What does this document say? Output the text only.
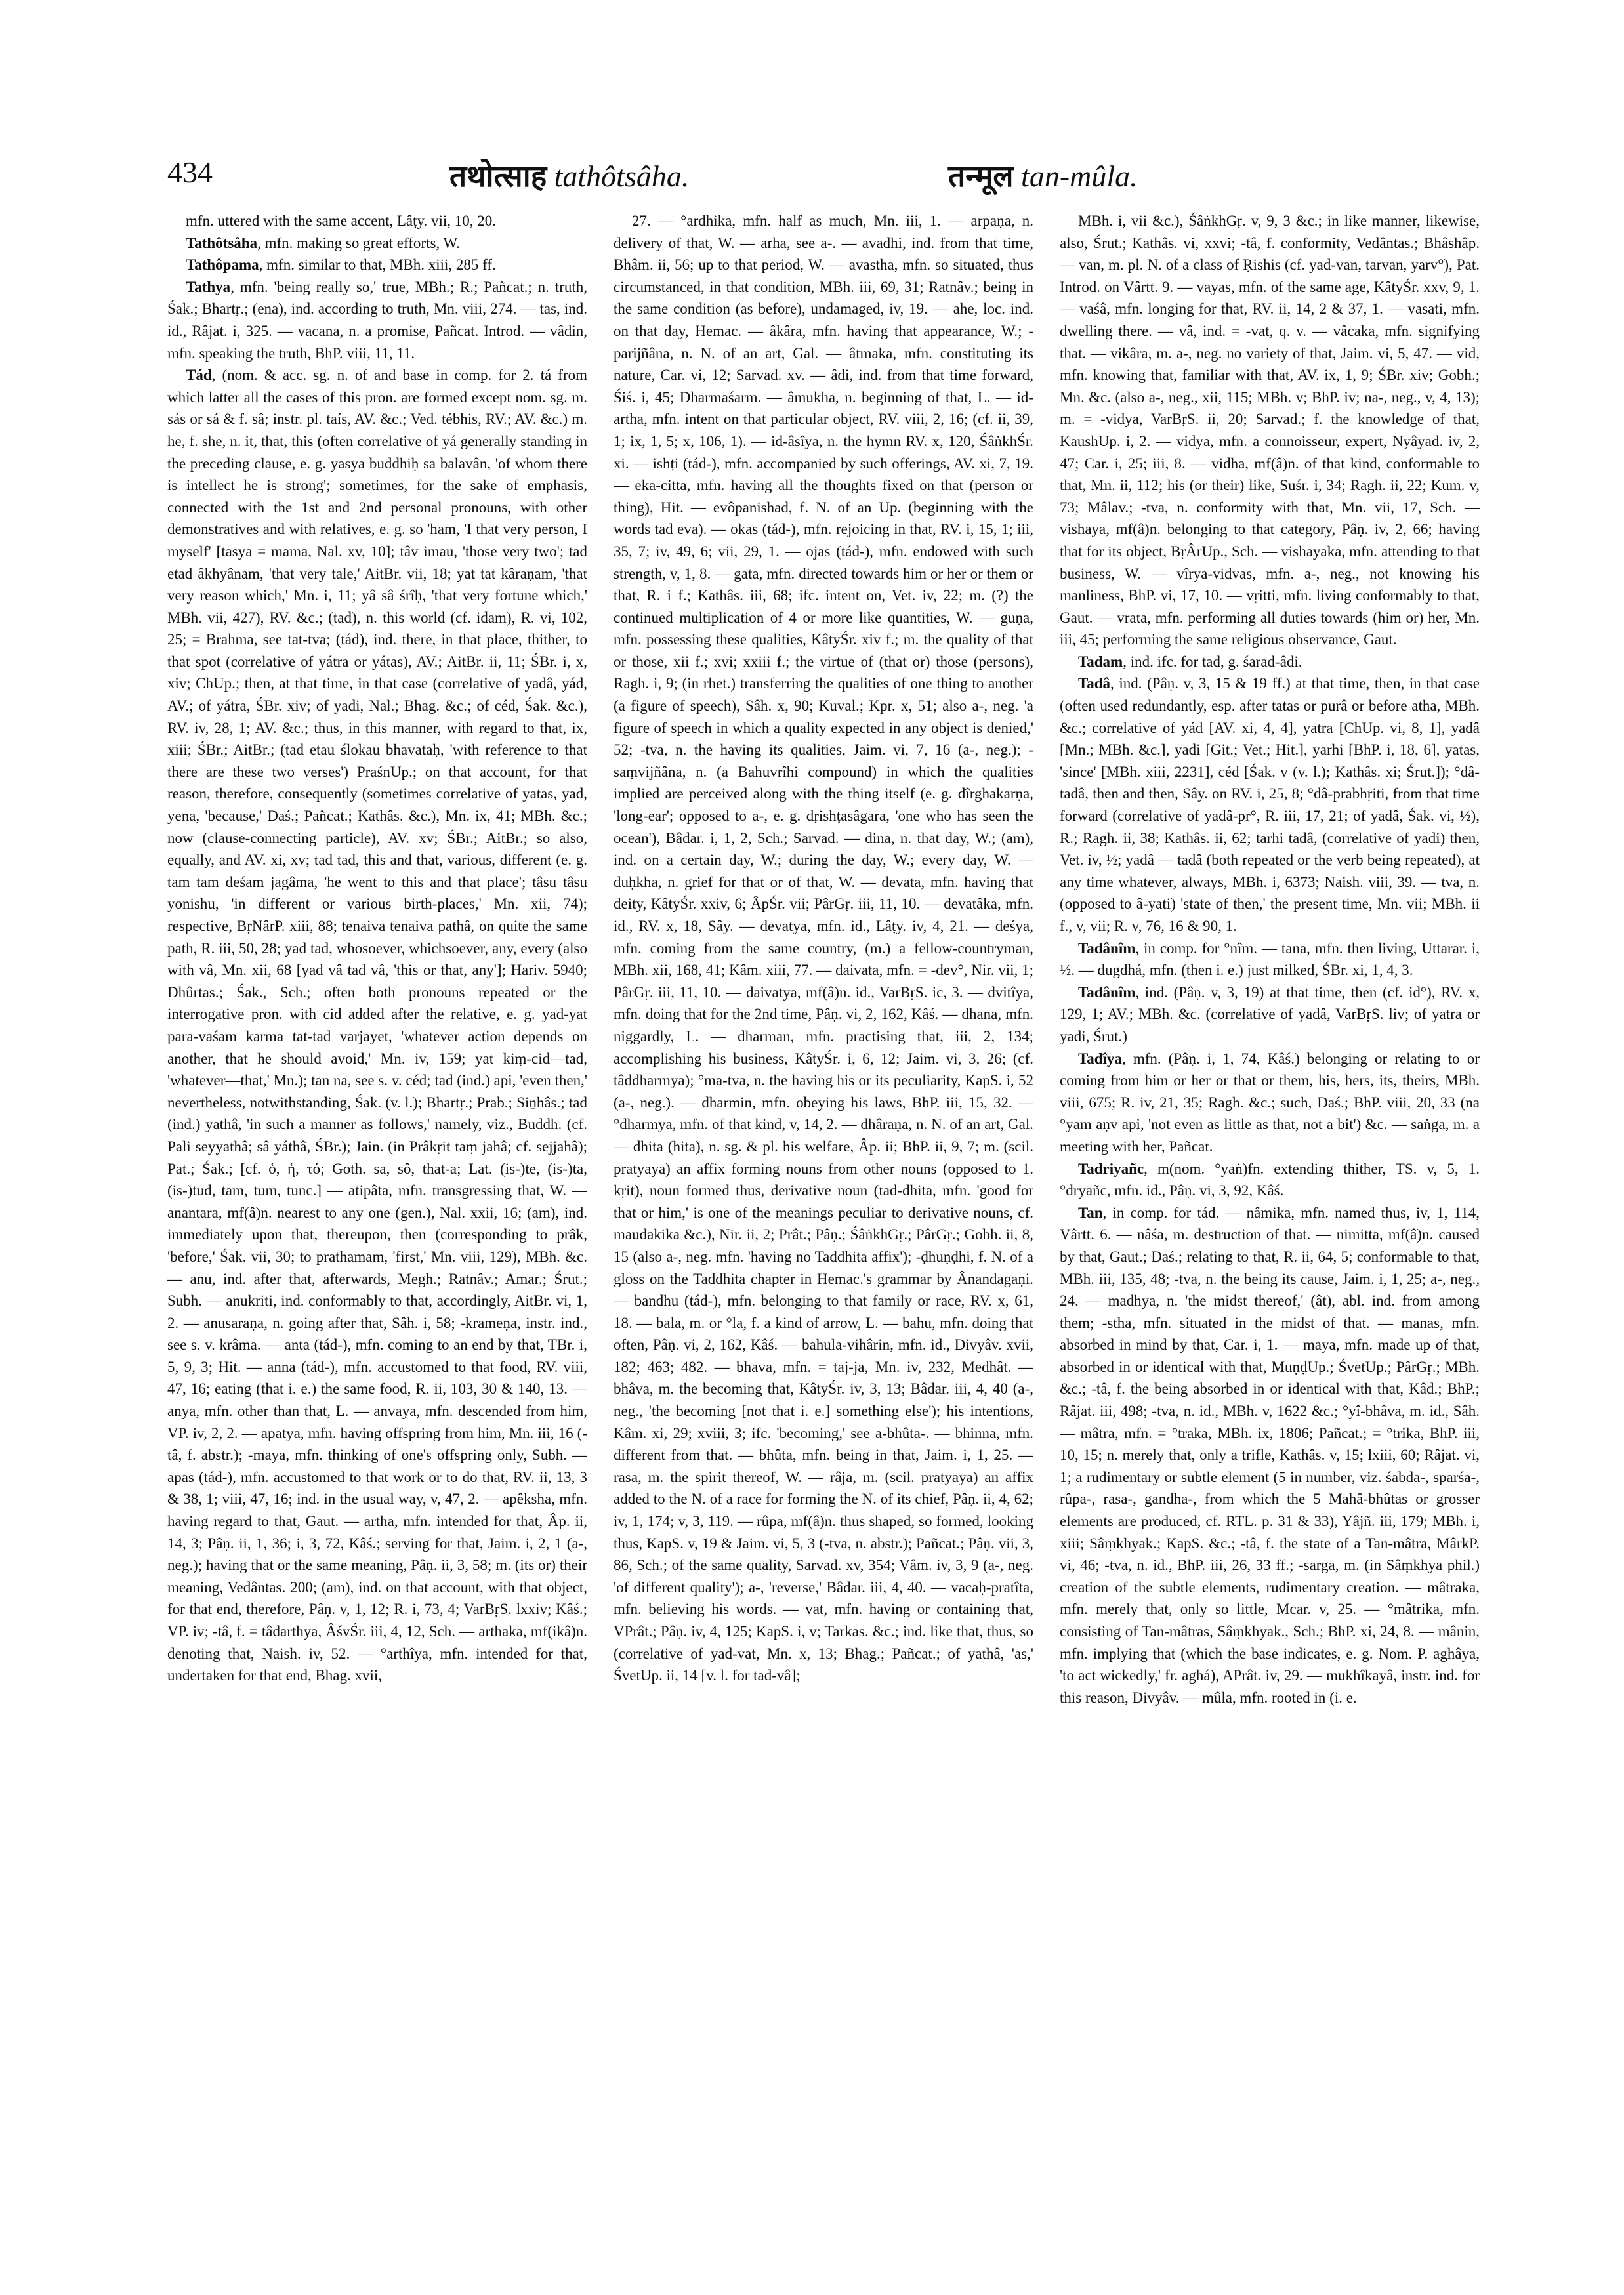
434	तथोत्साह tathôtsâha.	तन्मूल tan-mûla.

mfn. uttered with the same accent, Lâṭy. vii, 10, 20.

Tathôtsâha, mfn. making so great efforts, W.

Tathôpama, mfn. similar to that, MBh. xiii, 285 ff.

Tathya, mfn. 'being really so,' true, MBh.; R.; Pañcat.; n. truth, Śak.; Bhartṛ.; (ena), ind. according to truth, Mn. viii, 274. — tas, ind. id., Râjat. i, 325. — vacana, n. a promise, Pañcat. Introd. — vâdin, mfn. speaking the truth, BhP. viii, 11, 11.

Tád, (nom. & acc. sg. n. of and base in comp. for 2. tá from which latter all the cases of this pron. are formed except nom. sg. m. sás or sá & f. sâ; instr. pl. taís, AV. &c.; Ved. tébhis, RV.; AV. &c.) m. he, f. she, n. it, that, this (often correlative of yá generally standing in the preceding clause, e. g. yasya buddhiḥ sa balavân, 'of whom there is intellect he is strong'; sometimes, for the sake of emphasis, connected with the 1st and 2nd personal pronouns, with other demonstratives and with relatives, e. g. so 'ham, 'I that very person, I myself' [tasya = mama, Nal. xv, 10]; tâv imau, 'those very two'; tad etad âkhyânam, 'that very tale,' AitBr. vii, 18; yat tat kâraṇam, 'that very reason which,' Mn. i, 11; yâ sâ śrîḥ, 'that very fortune which,' MBh. vii, 427), RV. &c.; (tad), n. this world (cf. idam), R. vi, 102, 25; = Brahma, see tat-tva; (tád), ind. there, in that place, thither, to that spot (correlative of yátra or yátas), AV.; AitBr. ii, 11; ŚBr. i, x, xiv; ChUp.; then, at that time, in that case (correlative of yadâ, yád, AV.; of yátra, ŚBr. xiv; of yadi, Nal.; Bhag. &c.; of céd, Śak. &c.), RV. iv, 28, 1; AV. &c.; thus, in this manner, with regard to that, ix, xiii; ŚBr.; AitBr.; (tad etau ślokau bhavataḥ, 'with reference to that there are these two verses') PraśnUp.; on that account, for that reason, therefore, consequently (sometimes correlative of yatas, yad, yena, 'because,' Daś.; Pañcat.; Kathâs. &c.), Mn. ix, 41; MBh. &c.; now (clause-connecting particle), AV. xv; ŚBr.; AitBr.; so also, equally, and AV. xi, xv; tad tad, this and that, various, different (e. g. tam tam deśam jagâma, 'he went to this and that place'; tâsu tâsu yonishu, 'in different or various birth-places,' Mn. xii, 74); respective, BṛNârP. xiii, 88; tenaiva tenaiva pathâ, on quite the same path, R. iii, 50, 28; yad tad, whosoever, whichsoever, any, every (also with vâ, Mn. xii, 68 [yad vâ tad vâ, 'this or that, any']; Hariv. 5940; Dhûrtas.; Śak., Sch.; often both pronouns repeated or the interrogative pron. with cid added after the relative, e. g. yad-yat para-vaśam karma tat-tad varjayet, 'whatever action depends on another, that he should avoid,' Mn. iv, 159; yat kiṃ-cid—tad, 'whatever—that,' Mn.); tan na, see s. v. céd; tad (ind.) api, 'even then,' nevertheless, notwithstanding, Śak. (v. l.); Bhartṛ.; Prab.; Siṉhâs.; tad (ind.) yathâ, 'in such a manner as follows,' namely, viz., Buddh. (cf. Pali seyyathâ; sâ yáthâ, ŚBr.); Jain. (in Prâkṛit taṃ jahâ; cf. sejjahâ); Pat.; Śak.; [cf. ὁ, ἡ, τό; Goth. sa, sô, that-a; Lat. (is-)te, (is-)ta, (is-)tud, tam, tum, tunc.] — atipâta, mfn. transgressing that, W. — anantara, mf(â)n. nearest to any one (gen.), Nal. xxii, 16; (am), ind. immediately upon that, thereupon, then (corresponding to prâk, 'before,' Śak. vii, 30; to prathamam, 'first,' Mn. viii, 129), MBh. &c. — anu, ind. after that, afterwards, Megh.; Ratnâv.; Amar.; Śrut.; Subh. — anukriti, ind. conformably to that, accordingly, AitBr. vi, 1, 2. — anusaraṇa, n. going after that, Sâh. i, 58; -krameṇa, instr. ind., see s. v. krâma. — anta (tád-), mfn. coming to an end by that, TBr. i, 5, 9, 3; Hit. — anna (tád-), mfn. accustomed to that food, RV. viii, 47, 16; eating (that i. e.) the same food, R. ii, 103, 30 & 140, 13. — anya, mfn. other than that, L. — anvaya, mfn. descended from him, VP. iv, 2, 2. — apatya, mfn. having offspring from him, Mn. iii, 16 (-tâ, f. abstr.); -maya, mfn. thinking of one's offspring only, Subh. — apas (tád-), mfn. accustomed to that work or to do that, RV. ii, 13, 3 & 38, 1; viii, 47, 16; ind. in the usual way, v, 47, 2. — apêksha, mfn. having regard to that, Gaut. — artha, mfn. intended for that, Âp. ii, 14, 3; Pâṇ. ii, 1, 36; i, 3, 72, Kâś.; serving for that, Jaim. i, 2, 1 (a-, neg.); having that or the same meaning, Pâṇ. ii, 3, 58; m. (its or) their meaning, Vedântas. 200; (am), ind. on that account, with that object, for that end, therefore, Pâṇ. v, 1, 12; R. i, 73, 4; VarBṛS. lxxiv; Kâś.; VP. iv; -tâ, f. = tâdarthya, ÂśvŚr. iii, 4, 12, Sch. — arthaka, mf(ikâ)n. denoting that, Naish. iv, 52. — °arthîya, mfn. intended for that, undertaken for that end, Bhag. xvii,

27. — °ardhika, mfn. half as much, Mn. iii, 1. — arpaṇa, n. delivery of that, W. — arha, see a-. — avadhi, ind. from that time, Bhâm. ii, 56; up to that period, W. — avastha, mfn. so situated, thus circumstanced, in that condition, MBh. iii, 69, 31; Ratnâv.; being in the same condition (as before), undamaged, iv, 19. — ahe, loc. ind. on that day, Hemac. — âkâra, mfn. having that appearance, W.; -parijñâna, n. N. of an art, Gal. — âtmaka, mfn. constituting its nature, Car. vi, 12; Sarvad. xv. — âdi, ind. from that time forward, Śiś. i, 45; Dharmaśarm. — âmukha, n. beginning of that, L. — id-artha, mfn. intent on that particular object, RV. viii, 2, 16; (cf. ii, 39, 1; ix, 1, 5; x, 106, 1). — id-âsîya, n. the hymn RV. x, 120, ŚâṅkhŚr. xi. — ishṭi (tád-), mfn. accompanied by such offerings, AV. xi, 7, 19. — eka-citta, mfn. having all the thoughts fixed on that (person or thing), Hit. — evôpanishad, f. N. of an Up. (beginning with the words tad eva). — okas (tád-), mfn. rejoicing in that, RV. i, 15, 1; iii, 35, 7; iv, 49, 6; vii, 29, 1. — ojas (tád-), mfn. endowed with such strength, v, 1, 8. — gata, mfn. directed towards him or her or them or that, R. i f.; Kathâs. iii, 68; ifc. intent on, Vet. iv, 22; m. (?) the continued multiplication of 4 or more like quantities, W. — guṇa, mfn. possessing these qualities, KâtyŚr. xiv f.; m. the quality of that or those, xii f.; xvi; xxiii f.; the virtue of (that or) those (persons), Ragh. i, 9; (in rhet.) transferring the qualities of one thing to another (a figure of speech), Sâh. x, 90; Kuval.; Kpr. x, 51; also a-, neg. 'a figure of speech in which a quality expected in any object is denied,' 52; -tva, n. the having its qualities, Jaim. vi, 7, 16 (a-, neg.); -saṃvijñâna, n. (a Bahuvrîhi compound) in which the qualities implied are perceived along with the thing itself (e. g. dîrghakarṇa, 'long-ear'; opposed to a-, e. g. dṛishṭasâgara, 'one who has seen the ocean'), Bâdar. i, 1, 2, Sch.; Sarvad. — dina, n. that day, W.; (am), ind. on a certain day, W.; during the day, W.; every day, W. — duḥkha, n. grief for that or of that, W. — devata, mfn. having that deity, KâtyŚr. xxiv, 6; ÂpŚr. vii; PârGṛ. iii, 11, 10. — devatâka, mfn. id., RV. x, 18, Sây. — devatya, mfn. id., Lâṭy. iv, 4, 21. — deśya, mfn. coming from the same country, (m.) a fellow-countryman, MBh. xii, 168, 41; Kâm. xiii, 77. — daivata, mfn. = -dev°, Nir. vii, 1; PârGṛ. iii, 11, 10. — daivatya, mf(â)n. id., VarBṛS. ic, 3. — dvitîya, mfn. doing that for the 2nd time, Pâṇ. vi, 2, 162, Kâś. — dhana, mfn. niggardly, L. — dharman, mfn. practising that, iii, 2, 134; accomplishing his business, KâtyŚr. i, 6, 12; Jaim. vi, 3, 26; (cf. tâddharmya); °ma-tva, n. the having his or its peculiarity, KapS. i, 52 (a-, neg.). — dharmin, mfn. obeying his laws, BhP. iii, 15, 32. — °dharmya, mfn. of that kind, v, 14, 2. — dhâraṇa, n. N. of an art, Gal. — dhita (hita), n. sg. & pl. his welfare, Âp. ii; BhP. ii, 9, 7; m. (scil. pratyaya) an affix forming nouns from other nouns (opposed to 1. kṛit), noun formed thus, derivative noun (tad-dhita, mfn. 'good for that or him,' is one of the meanings peculiar to derivative nouns, cf. maudakika &c.), Nir. ii, 2; Prât.; Pâṇ.; ŚâṅkhGṛ.; PârGṛ.; Gobh. ii, 8, 15 (also a-, neg. mfn. 'having no Taddhita affix'); -ḍhuṇḍhi, f. N. of a gloss on the Taddhita chapter in Hemac.'s grammar by Ânandagaṇi. — bandhu (tád-), mfn. belonging to that family or race, RV. x, 61, 18. — bala, m. or °la, f. a kind of arrow, L. — bahu, mfn. doing that often, Pâṇ. vi, 2, 162, Kâś. — bahula-vihârin, mfn. id., Divyâv. xvii, 182; 463; 482. — bhava, mfn. = taj-ja, Mn. iv, 232, Medhât. — bhâva, m. the becoming that, KâtyŚr. iv, 3, 13; Bâdar. iii, 4, 40 (a-, neg., 'the becoming [not that i. e.] something else'); his intentions, Kâm. xi, 29; xviii, 3; ifc. 'becoming,' see a-bhûta-. — bhinna, mfn. different from that. — bhûta, mfn. being in that, Jaim. i, 1, 25. — rasa, m. the spirit thereof, W. — râja, m. (scil. pratyaya) an affix added to the N. of a race for forming the N. of its chief, Pâṇ. ii, 4, 62; iv, 1, 174; v, 3, 119. — rûpa, mf(â)n. thus shaped, so formed, looking thus, KapS. v, 19 & Jaim. vi, 5, 3 (-tva, n. abstr.); Pañcat.; Pâṇ. vii, 3, 86, Sch.; of the same quality, Sarvad. xv, 354; Vâm. iv, 3, 9 (a-, neg. 'of different quality'); a-, 'reverse,' Bâdar. iii, 4, 40. — vacaḥ-pratîta, mfn. believing his words. — vat, mfn. having or containing that, VPrât.; Pâṇ. iv, 4, 125; KapS. i, v; Tarkas. &c.; ind. like that, thus, so (correlative of yad-vat, Mn. x, 13; Bhag.; Pañcat.; of yathâ, 'as,' ŚvetUp. ii, 14 [v. l. for tad-vâ];

MBh. i, vii &c.), ŚâṅkhGṛ. v, 9, 3 &c.; in like manner, likewise, also, Śrut.; Kathâs. vi, xxvi; -tâ, f. conformity, Vedântas.; Bhâshâp. — van, m. pl. N. of a class of Ṛishis (cf. yad-van, tarvan, yarv°), Pat. Introd. on Vârtt. 9. — vayas, mfn. of the same age, KâtyŚr. xxv, 9, 1. — vaśâ, mfn. longing for that, RV. ii, 14, 2 & 37, 1. — vasati, mfn. dwelling there. — vâ, ind. = -vat, q. v. — vâcaka, mfn. signifying that. — vikâra, m. a-, neg. no variety of that, Jaim. vi, 5, 47. — vid, mfn. knowing that, familiar with that, AV. ix, 1, 9; ŚBr. xiv; Gobh.; Mn. &c. (also a-, neg., xii, 115; MBh. v; BhP. iv; na-, neg., v, 4, 13); m. = -vidya, VarBṛS. ii, 20; Sarvad.; f. the knowledge of that, KaushUp. i, 2. — vidya, mfn. a connoisseur, expert, Nyâyad. iv, 2, 47; Car. i, 25; iii, 8. — vidha, mf(â)n. of that kind, conformable to that, Mn. ii, 112; his (or their) like, Suśr. i, 34; Ragh. ii, 22; Kum. v, 73; Mâlav.; -tva, n. conformity with that, Mn. vii, 17, Sch. — vishaya, mf(â)n. belonging to that category, Pâṇ. iv, 2, 66; having that for its object, BṛÂrUp., Sch. — vishayaka, mfn. attending to that business, W. — vîrya-vidvas, mfn. a-, neg., not knowing his manliness, BhP. vi, 17, 10. — vṛitti, mfn. living conformably to that, Gaut. — vrata, mfn. performing all duties towards (him or) her, Mn. iii, 45; performing the same religious observance, Gaut.

Tadam, ind. ifc. for tad, g. śarad-âdi.

Tadâ, ind. (Pâṇ. v, 3, 15 & 19 ff.) at that time, then, in that case (often used redundantly, esp. after tatas or purâ or before atha, MBh. &c.; correlative of yád [AV. xi, 4, 4], yatra [ChUp. vi, 8, 1], yadâ [Mn.; MBh. &c.], yadi [Git.; Vet.; Hit.], yarhi [BhP. i, 18, 6], yatas, 'since' [MBh. xiii, 2231], céd [Śak. v (v. l.); Kathâs. xi; Śrut.]); °dâ-tadâ, then and then, Sây. on RV. i, 25, 8; °dâ-prabhṛiti, from that time forward (correlative of yadâ-pr°, R. iii, 17, 21; of yadâ, Śak. vi, ½), R.; Ragh. ii, 38; Kathâs. ii, 62; tarhi tadâ, (correlative of yadi) then, Vet. iv, ½; yadâ — tadâ (both repeated or the verb being repeated), at any time whatever, always, MBh. i, 6373; Naish. viii, 39. — tva, n. (opposed to â-yati) 'state of then,' the present time, Mn. vii; MBh. ii f., v, vii; R. v, 76, 16 & 90, 1.

Tadânîm, in comp. for °nîm. — tana, mfn. then living, Uttarar. i, ½. — dugdhá, mfn. (then i. e.) just milked, ŚBr. xi, 1, 4, 3.

Tadânîm, ind. (Pâṇ. v, 3, 19) at that time, then (cf. id°), RV. x, 129, 1; AV.; MBh. &c. (correlative of yadâ, VarBṛS. liv; of yatra or yadi, Śrut.)

Tadîya, mfn. (Pâṇ. i, 1, 74, Kâś.) belonging or relating to or coming from him or her or that or them, his, hers, its, theirs, MBh. viii, 675; R. iv, 21, 35; Ragh. &c.; such, Daś.; BhP. viii, 20, 33 (na °yam aṇv api, 'not even as little as that, not a bit') &c. — saṅga, m. a meeting with her, Pañcat.

Tadriyañc, m(nom. °yaṅ)fn. extending thither, TS. v, 5, 1. °dryañc, mfn. id., Pâṇ. vi, 3, 92, Kâś.

Tan, in comp. for tád. — nâmika, mfn. named thus, iv, 1, 114, Vârtt. 6. — nâśa, m. destruction of that. — nimitta, mf(â)n. caused by that, Gaut.; Daś.; relating to that, R. ii, 64, 5; conformable to that, MBh. iii, 135, 48; -tva, n. the being its cause, Jaim. i, 1, 25; a-, neg., 24. — madhya, n. 'the midst thereof,' (ât), abl. ind. from among them; -stha, mfn. situated in the midst of that. — manas, mfn. absorbed in mind by that, Car. i, 1. — maya, mfn. made up of that, absorbed in or identical with that, MuṇḍUp.; ŚvetUp.; PârGṛ.; MBh. &c.; -tâ, f. the being absorbed in or identical with that, Kâd.; BhP.; Râjat. iii, 498; -tva, n. id., MBh. v, 1622 &c.; °yî-bhâva, m. id., Sâh. — mâtra, mfn. = °traka, MBh. ix, 1806; Pañcat.; = °trika, BhP. iii, 10, 15; n. merely that, only a trifle, Kathâs. v, 15; lxiii, 60; Râjat. vi, 1; a rudimentary or subtle element (5 in number, viz. śabda-, sparśa-, rûpa-, rasa-, gandha-, from which the 5 Mahâ-bhûtas or grosser elements are produced, cf. RTL. p. 31 & 33), Yâjñ. iii, 179; MBh. i, xiii; Sâṃkhyak.; KapS. &c.; -tâ, f. the state of a Tan-mâtra, MârkP. vi, 46; -tva, n. id., BhP. iii, 26, 33 ff.; -sarga, m. (in Sâṃkhya phil.) creation of the subtle elements, rudimentary creation. — mâtraka, mfn. merely that, only so little, Mcar. v, 25. — °mâtrika, mfn. consisting of Tan-mâtras, Sâṃkhyak., Sch.; BhP. xi, 24, 8. — mânin, mfn. implying that (which the base indicates, e. g. Nom. P. aghâya, 'to act wickedly,' fr. aghá), APrât. iv, 29. — mukhîkayâ, instr. ind. for this reason, Divyâv. — mûla, mfn. rooted in (i. e.
